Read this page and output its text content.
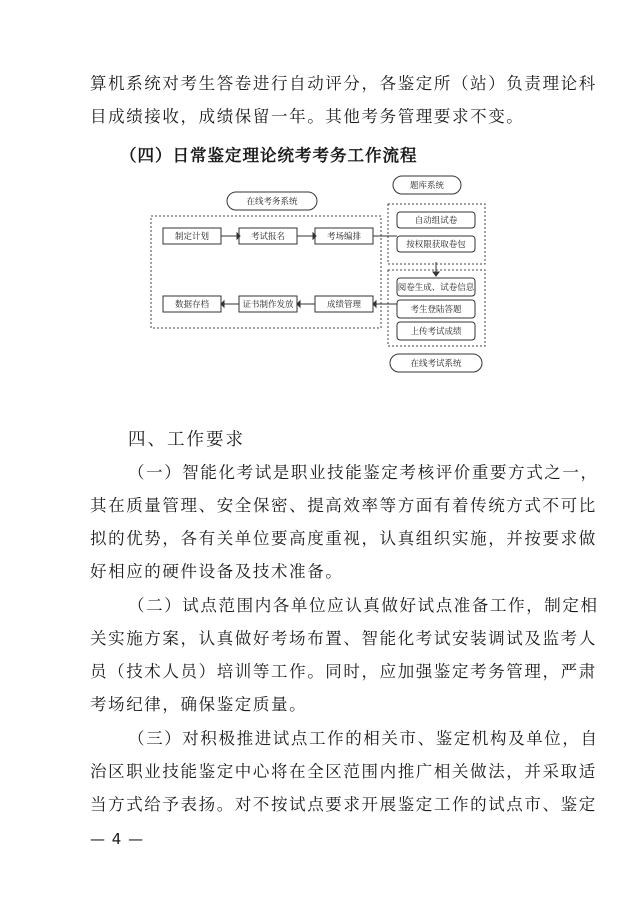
算机系统对考生答卷进行自动评分，各鉴定所（站）负责理论科
目成绩接收，成绩保留一年。其他考务管理要求不变。
（四）日常鉴定理论统考考务工作流程
在线考务系统
题库系统
在线考试系统
制定计划	考试报名	考场编排
数据存档	证书制作发放	成绩管理
自动组试卷
按权限获取卷包
阅卷生成、试卷信息
考生登陆答题
上传考试成绩
四、工作要求
（一）智能化考试是职业技能鉴定考核评价重要方式之一，
其在质量管理、安全保密、提高效率等方面有着传统方式不可比
拟的优势，各有关单位要高度重视，认真组织实施，并按要求做
好相应的硬件设备及技术准备。
（二）试点范围内各单位应认真做好试点准备工作，制定相
关实施方案，认真做好考场布置、智能化考试安装调试及监考人
员（技术人员）培训等工作。同时，应加强鉴定考务管理，严肃
考场纪律，确保鉴定质量。
（三）对积极推进试点工作的相关市、鉴定机构及单位，自
治区职业技能鉴定中心将在全区范围内推广相关做法，并采取适
当方式给予表扬。对不按试点要求开展鉴定工作的试点市、鉴定
— 4 —
